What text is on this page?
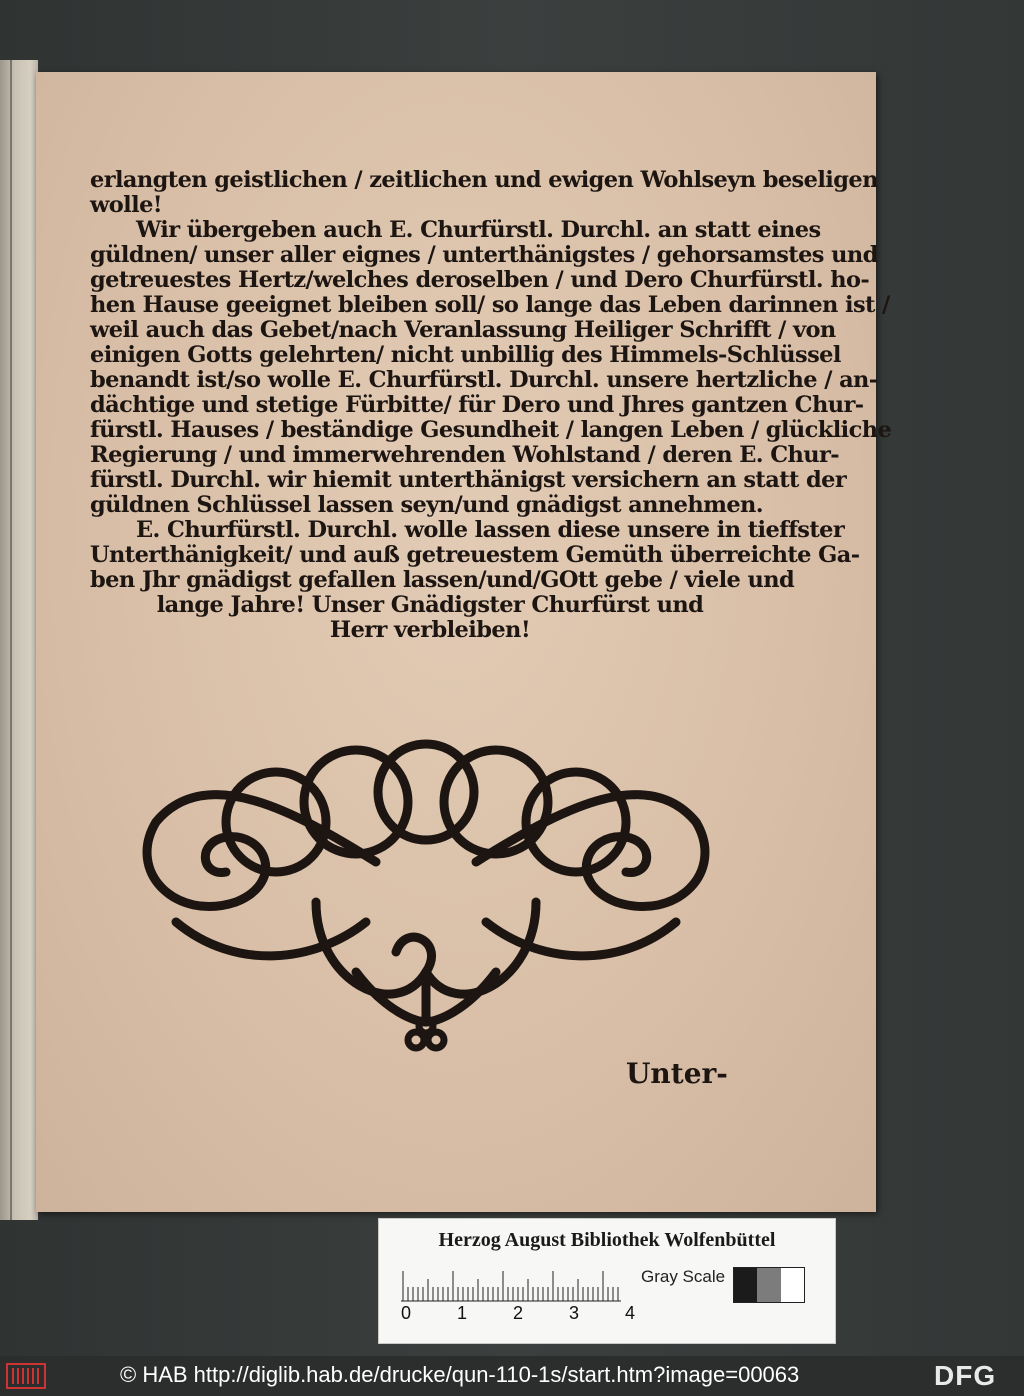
erlangten geistlichen / zeitlichen und ewigen Wohlseyn beseligen
wolle!
Wir übergeben auch E. Churfürstl. Durchl. an statt eines
güldnen/ unser aller eignes / unterthänigstes / gehorsamstes und
getreuestes Hertz/welches deroselben / und Dero Churfürstl. ho-
hen Hause geeignet bleiben soll/ so lange das Leben darinnen ist /
weil auch das Gebet/nach Veranlassung Heiliger Schrifft / von
einigen Gotts gelehrten/ nicht unbillig des Himmels-Schlüssel
benandt ist/so wolle E. Churfürstl. Durchl. unsere hertzliche / an-
dächtige und stetige Fürbitte/ für Dero und Jhres gantzen Chur-
fürstl. Hauses / beständige Gesundheit / langen Leben / glückliche
Regierung / und immerwehrenden Wohlstand / deren E. Chur-
fürstl. Durchl. wir hiemit unterthänigst versichern an statt der
güldnen Schlüssel lassen seyn/und gnädigst annehmen.
E. Churfürstl. Durchl. wolle lassen diese unsere in tieffster
Unterthänigkeit/ und auß getreuestem Gemüth überreichte Ga-
ben Jhr gnädigst gefallen lassen/und/GOtt gebe / viele und
lange Jahre! Unser Gnädigster Churfürst und
Herr verbleiben!
Unter-
Herzog August Bibliothek Wolfenbüttel
0	1	2	3	4
Gray Scale
© HAB http://diglib.hab.de/drucke/qun-110-1s/start.htm?image=00063	DFG
